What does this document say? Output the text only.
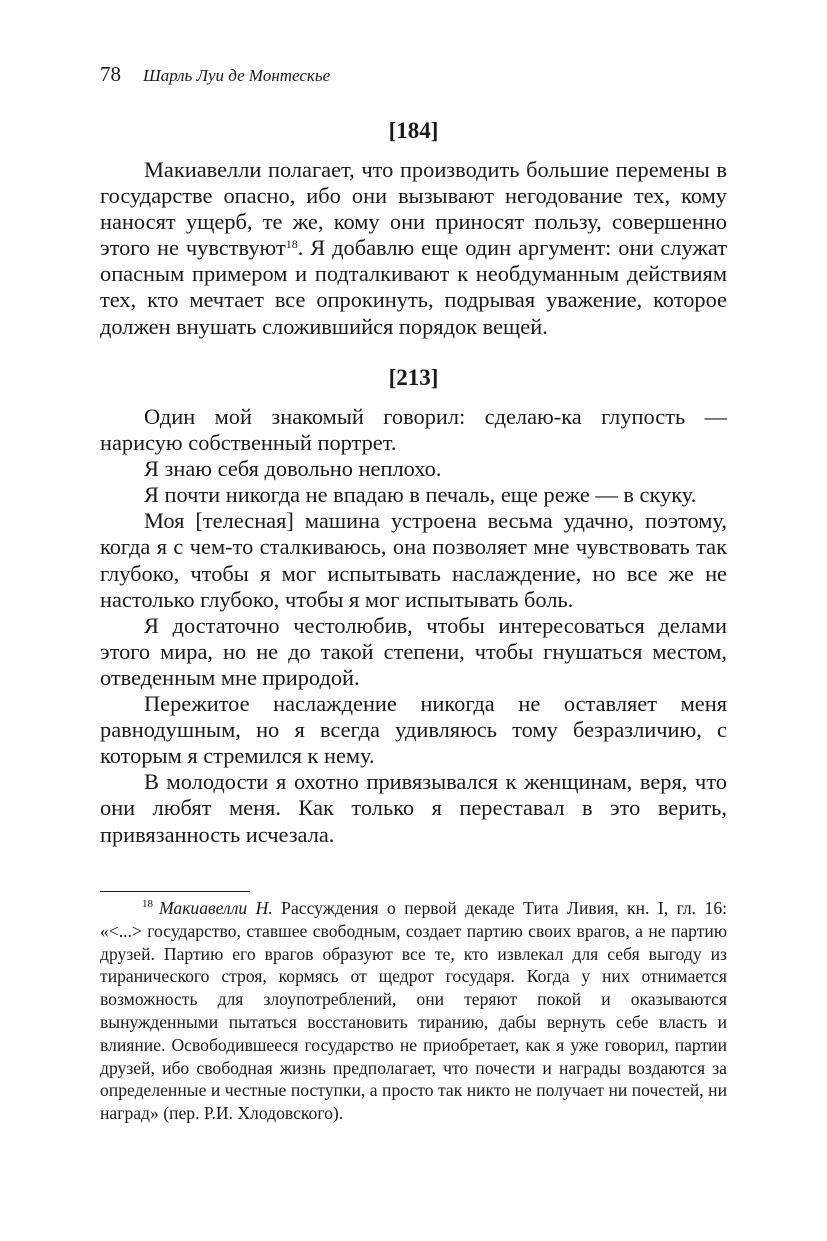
78 Шарль Луи де Монтескье
[184]

Макиавелли полагает, что производить большие перемены в государстве опасно, ибо они вызывают негодование тех, кому наносят ущерб, те же, кому они приносят пользу, совершенно этого не чувствуют$^{18}$. Я добавлю еще один аргумент: они служат опасным примером и подталкивают к необдуманным действиям тех, кто мечтает все опрокинуть, подрывая уважение, которое должен внушать сложившийся порядок вещей.

[213]

Один мой знакомый говорил: сделаю-ка глупость — нарисую собственный портрет.

Я знаю себя довольно неплохо.

Я почти никогда не впадаю в печаль, еще реже — в скуку.

Моя [телесная] машина устроена весьма удачно, поэтому, когда я с чем-то сталкиваюсь, она позволяет мне чувствовать так глубоко, чтобы я мог испытывать наслаждение, но все же не настолько глубоко, чтобы я мог испытывать боль.

Я достаточно честолюбив, чтобы интересоваться делами этого мира, но не до такой степени, чтобы гнушаться местом, отведенным мне природой.

Пережитое наслаждение никогда не оставляет меня равнодушным, но я всегда удивляюсь тому безразличию, с которым я стремился к нему.

В молодости я охотно привязывался к женщинам, веря, что они любят меня. Как только я переставал в это верить, привязанность исчезала.

$^{18}$ Макиавелли Н. Рассуждения о первой декаде Тита Ливия, кн. I, гл. 16: «<...> государство, ставшее свободным, создает партию своих врагов, а не партию друзей. Партию его врагов образуют все те, кто извлекал для себя выгоду из тиранического строя, кормясь от щедрот государя. Когда у них отнимается возможность для злоупотреблений, они теряют покой и оказываются вынужденными пытаться восстановить тиранию, дабы вернуть себе власть и влияние. Освободившееся государство не приобретает, как я уже говорил, партии друзей, ибо свободная жизнь предполагает, что почести и награды воздаются за определенные и честные поступки, а просто так никто не получает ни почестей, ни наград» (пер. Р.И. Хлодовского).
